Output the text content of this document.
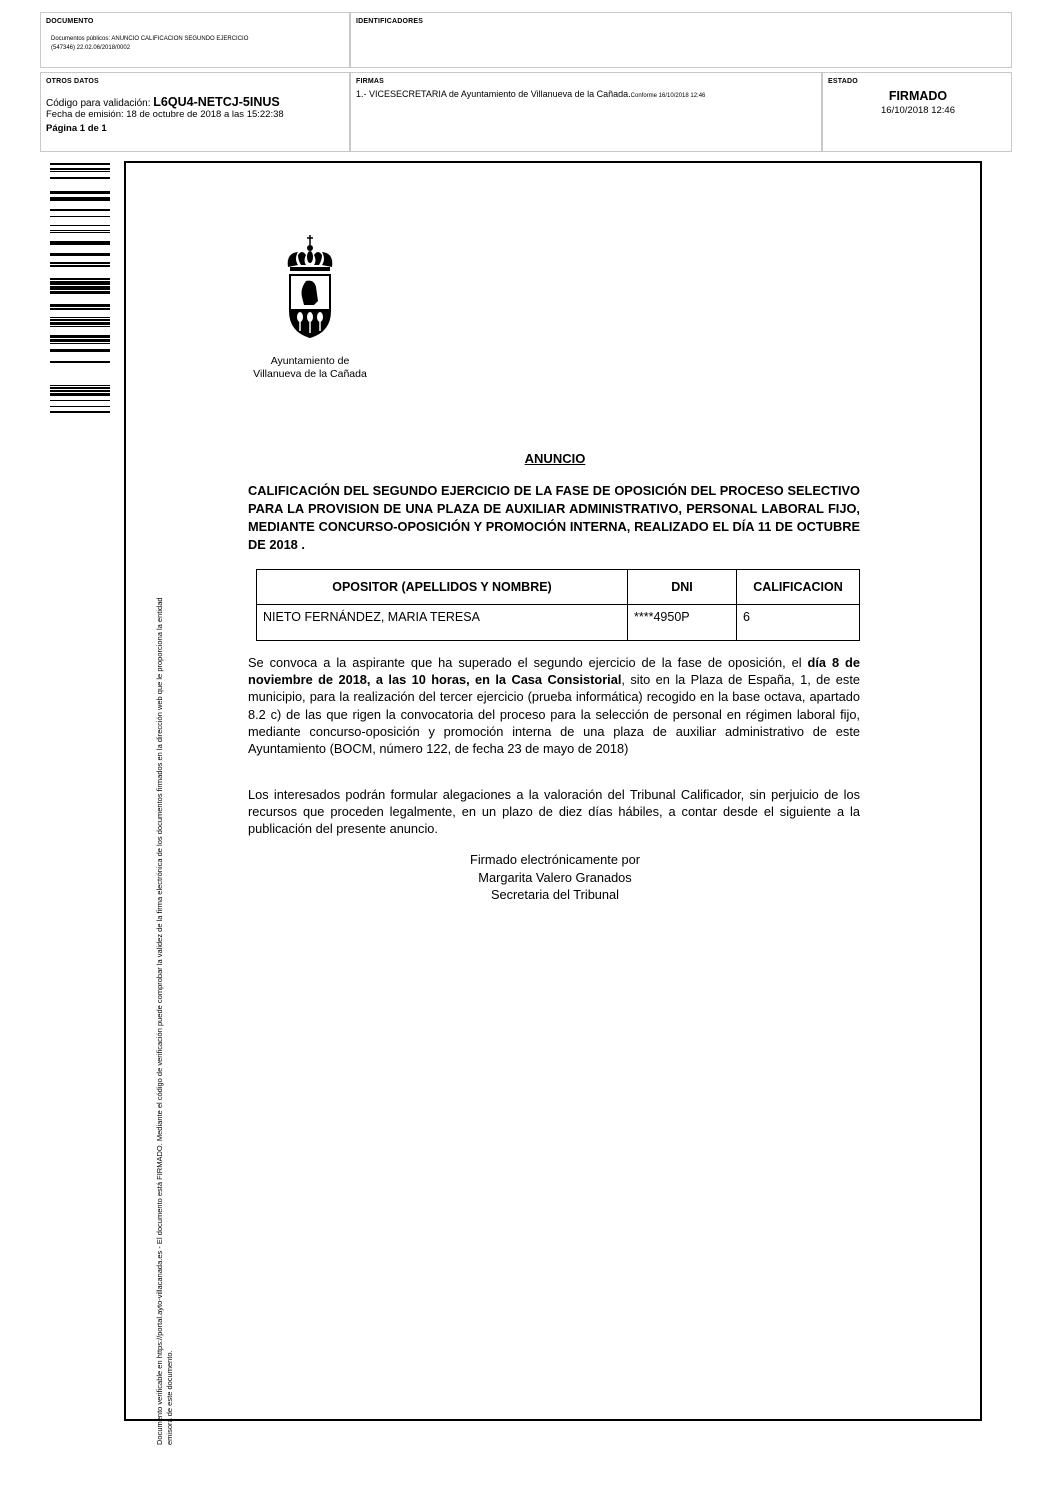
DOCUMENTO
Documentos públicos: ANUNCIO CALIFICACION SEGUNDO EJERCICIO
(547346) 22.02.06/2018/0002
IDENTIFICADORES
OTROS DATOS
Código para validación: L6QU4-NETCJ-5INUS
Fecha de emisión: 18 de octubre de 2018 a las 15:22:38
Página 1 de 1
FIRMAS
1.- VICESECRETARIA de Ayuntamiento de Villanueva de la Cañada.Conforme 16/10/2018 12:46
ESTADO
FIRMADO
16/10/2018 12:46
Documento verificable en https://portal.ayto-villacanada.es - El documento está FIRMADO. Mediante el código de verificación puede comprobar la validez de la firma electrónica de los documentos firmados en la dirección web que le proporciona la entidad emisora de este documento.
Ayuntamiento de
Villanueva de la Cañada
ANUNCIO
CALIFICACIÓN DEL SEGUNDO EJERCICIO DE LA FASE DE OPOSICIÓN DEL PROCESO SELECTIVO PARA LA PROVISION DE UNA PLAZA DE AUXILIAR ADMINISTRATIVO, PERSONAL LABORAL FIJO, MEDIANTE CONCURSO-OPOSICIÓN Y PROMOCIÓN INTERNA, REALIZADO EL DÍA 11 DE OCTUBRE DE 2018 .
OPOSITOR (APELLIDOS Y NOMBRE)	DNI	CALIFICACION
NIETO FERNÁNDEZ, MARIA TERESA	****4950P	6
Se convoca a la aspirante que ha superado el segundo ejercicio de la fase de oposición, el día 8 de noviembre de 2018, a las 10 horas, en la Casa Consistorial, sito en la Plaza de España, 1, de este municipio, para la realización del tercer ejercicio (prueba informática) recogido en la base octava, apartado 8.2 c) de las que rigen la convocatoria del proceso para la selección de personal en régimen laboral fijo, mediante concurso-oposición y promoción interna de una plaza de auxiliar administrativo de este Ayuntamiento (BOCM, número 122, de fecha 23 de mayo de 2018)
Los interesados podrán formular alegaciones a la valoración del Tribunal Calificador, sin perjuicio de los recursos que proceden legalmente, en un plazo de diez días hábiles, a contar desde el siguiente a la publicación del presente anuncio.
Firmado electrónicamente por
Margarita Valero Granados
Secretaria del Tribunal
